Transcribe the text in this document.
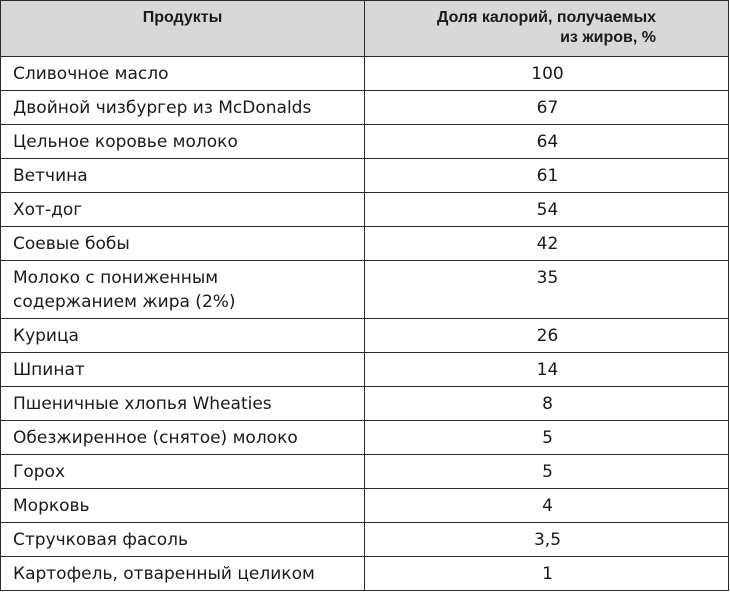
Продукты	Доля калорий, получаемых
из жиров, %
Сливочное масло	100
Двойной чизбургер из McDonalds	67
Цельное коровье молоко	64
Ветчина	61
Хот-дог	54
Соевые бобы	42
Молоко с пониженным
содержанием жира (2%)	35
Курица	26
Шпинат	14
Пшеничные хлопья Wheaties	8
Обезжиренное (снятое) молоко	5
Горох	5
Морковь	4
Стручковая фасоль	3,5
Картофель, отваренный целиком	1
